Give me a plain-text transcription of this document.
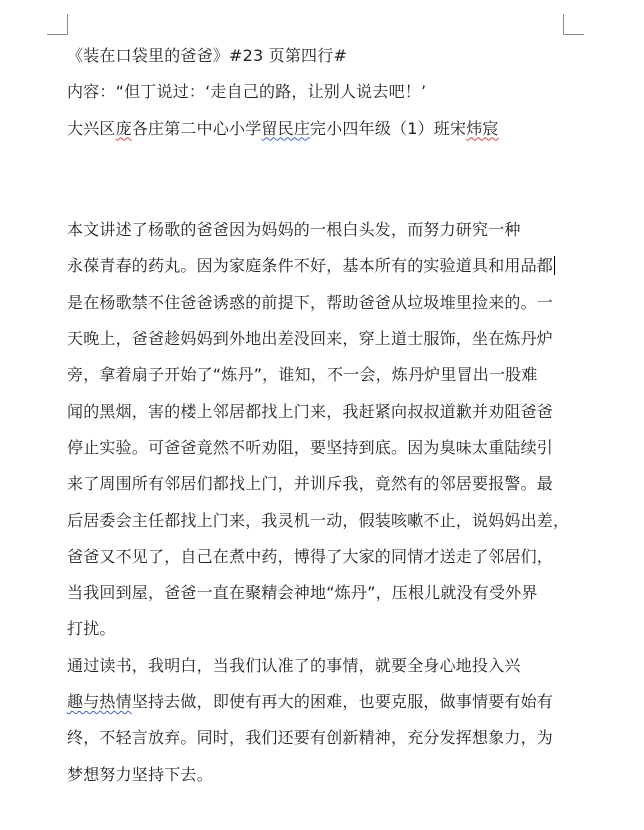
《装在口袋里的爸爸》#23 页第四行#
内容：“但丁说过：‘走自己的路，让别人说去吧！’
大兴区庞各庄第二中心小学留民庄完小四年级（1）班宋炜宸
本文讲述了杨歌的爸爸因为妈妈的一根白头发，而努力研究一种
永葆青春的药丸。因为家庭条件不好，基本所有的实验道具和用品都
是在杨歌禁不住爸爸诱惑的前提下，帮助爸爸从垃圾堆里捡来的。一
天晚上，爸爸趁妈妈到外地出差没回来，穿上道士服饰，坐在炼丹炉
旁，拿着扇子开始了“炼丹”，谁知，不一会，炼丹炉里冒出一股难
闻的黑烟，害的楼上邻居都找上门来，我赶紧向叔叔道歉并劝阻爸爸
停止实验。可爸爸竟然不听劝阻，要坚持到底。因为臭味太重陆续引
来了周围所有邻居们都找上门，并训斥我，竟然有的邻居要报警。最
后居委会主任都找上门来，我灵机一动，假装咳嗽不止，说妈妈出差，
爸爸又不见了，自己在煮中药，博得了大家的同情才送走了邻居们，
当我回到屋，爸爸一直在聚精会神地“炼丹”，压根儿就没有受外界
打扰。
通过读书，我明白，当我们认准了的事情，就要全身心地投入兴
趣与热情坚持去做，即使有再大的困难，也要克服，做事情要有始有
终，不轻言放弃。同时，我们还要有创新精神，充分发挥想象力，为
梦想努力坚持下去。
